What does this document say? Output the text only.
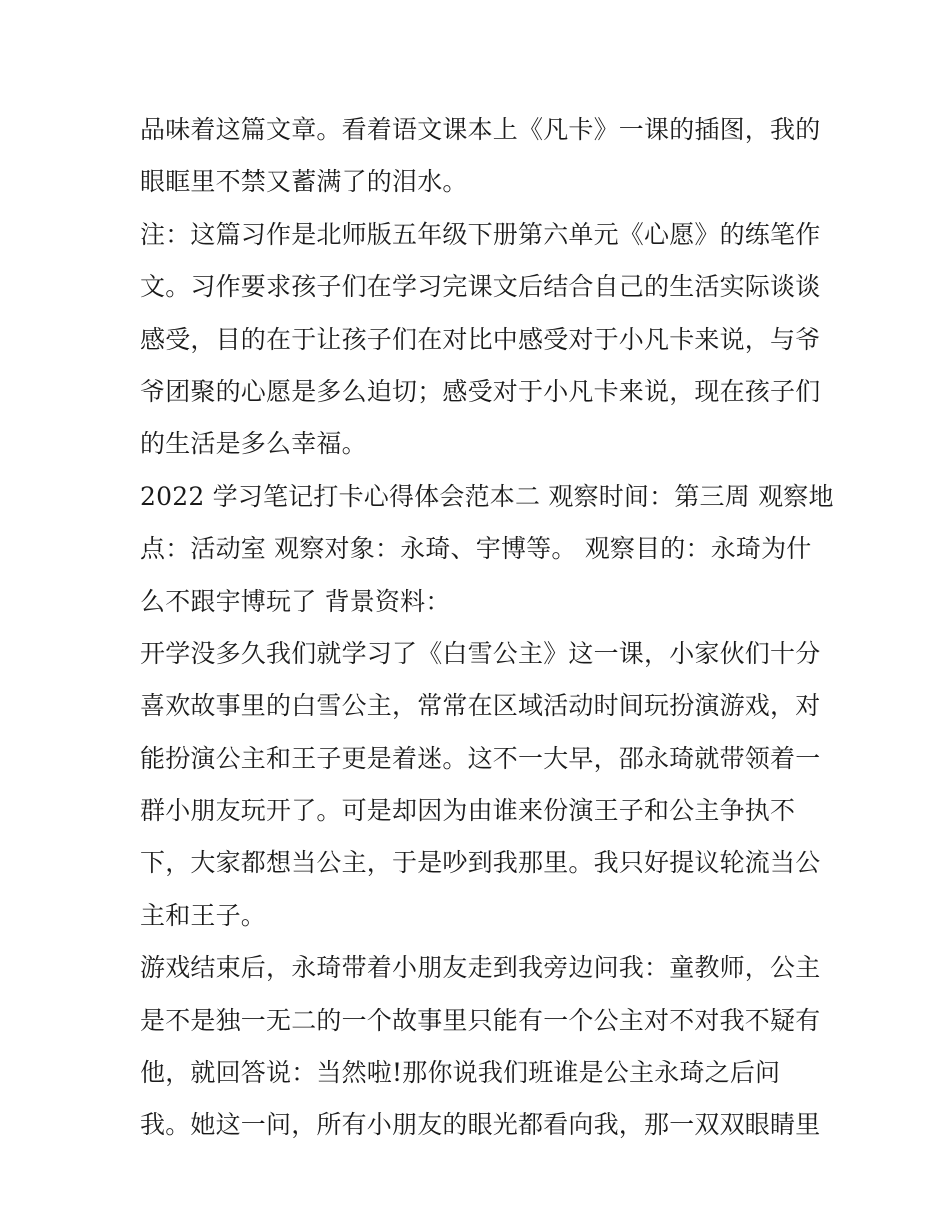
品味着这篇文章。看着语文课本上《凡卡》一课的插图，我的
眼眶里不禁又蓄满了的泪水。
注：这篇习作是北师版五年级下册第六单元《心愿》的练笔作
文。习作要求孩子们在学习完课文后结合自己的生活实际谈谈
感受，目的在于让孩子们在对比中感受对于小凡卡来说，与爷
爷团聚的心愿是多么迫切；感受对于小凡卡来说，现在孩子们
的生活是多么幸福。
2022 学习笔记打卡心得体会范本二 观察时间：第三周 观察地
点：活动室 观察对象：永琦、宇博等。 观察目的：永琦为什
么不跟宇博玩了 背景资料：
开学没多久我们就学习了《白雪公主》这一课，小家伙们十分
喜欢故事里的白雪公主，常常在区域活动时间玩扮演游戏，对
能扮演公主和王子更是着迷。这不一大早，邵永琦就带领着一
群小朋友玩开了。可是却因为由谁来份演王子和公主争执不
下，大家都想当公主，于是吵到我那里。我只好提议轮流当公
主和王子。
游戏结束后，永琦带着小朋友走到我旁边问我：童教师，公主
是不是独一无二的一个故事里只能有一个公主对不对我不疑有
他，就回答说：当然啦!那你说我们班谁是公主永琦之后问
我。她这一问，所有小朋友的眼光都看向我，那一双双眼睛里
